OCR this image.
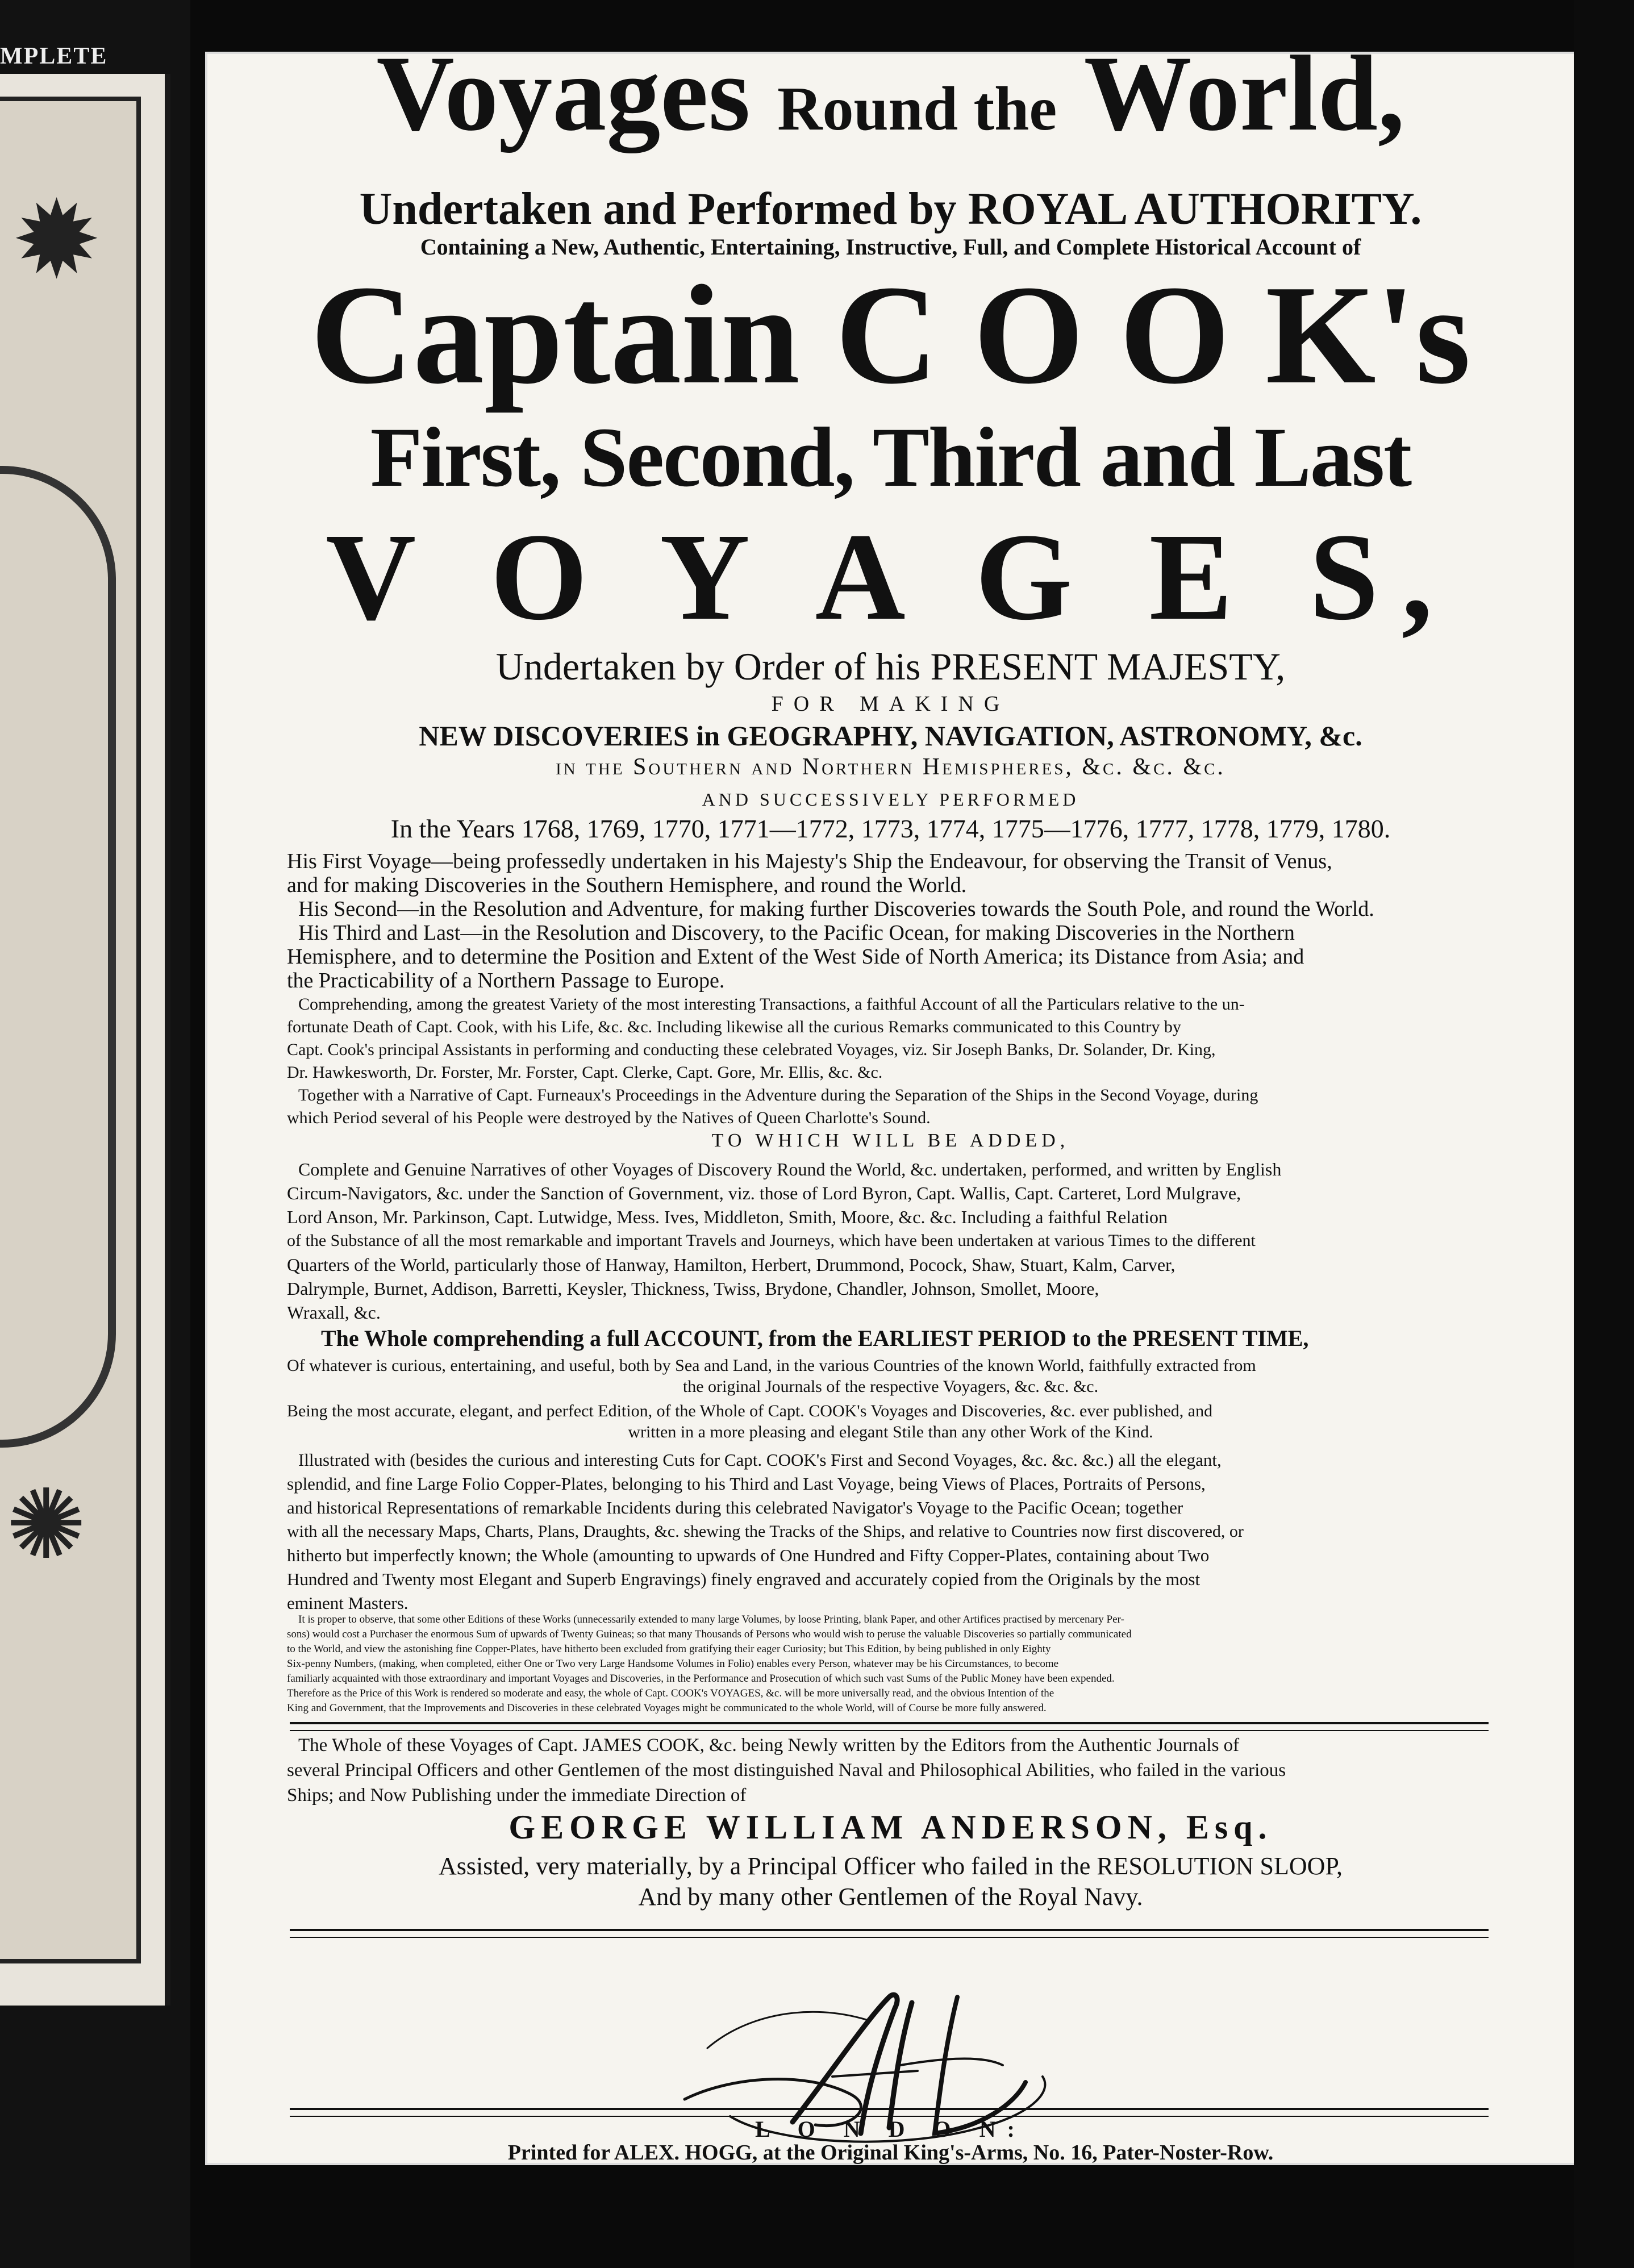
MPLETE
✹
✺
Voyages Round the World,
Undertaken and Performed by ROYAL AUTHORITY.
Containing a New, Authentic, Entertaining, Instructive, Full, and Complete Historical Account of
Captain C O O K's
First, Second, Third and Last
V O Y A G E S,
Undertaken by Order of his PRESENT MAJESTY,
FOR MAKING
NEW DISCOVERIES in GEOGRAPHY, NAVIGATION, ASTRONOMY, &c.
in the Southern and Northern Hemispheres, &c. &c. &c.
AND SUCCESSIVELY PERFORMED
In the Years 1768, 1769, 1770, 1771—1772, 1773, 1774, 1775—1776, 1777, 1778, 1779, 1780.
His First Voyage—being professedly undertaken in his Majesty's Ship the Endeavour, for observing the Transit of Venus,
and for making Discoveries in the Southern Hemisphere, and round the World.
His Second—in the Resolution and Adventure, for making further Discoveries towards the South Pole, and round the World.
His Third and Last—in the Resolution and Discovery, to the Pacific Ocean, for making Discoveries in the Northern
Hemisphere, and to determine the Position and Extent of the West Side of North America; its Distance from Asia; and
the Practicability of a Northern Passage to Europe.
Comprehending, among the greatest Variety of the most interesting Transactions, a faithful Account of all the Particulars relative to the un-
fortunate Death of Capt. Cook, with his Life, &c. &c. Including likewise all the curious Remarks communicated to this Country by
Capt. Cook's principal Assistants in performing and conducting these celebrated Voyages, viz. Sir Joseph Banks, Dr. Solander, Dr. King,
Dr. Hawkesworth, Dr. Forster, Mr. Forster, Capt. Clerke, Capt. Gore, Mr. Ellis, &c. &c.
Together with a Narrative of Capt. Furneaux's Proceedings in the Adventure during the Separation of the Ships in the Second Voyage, during
which Period several of his People were destroyed by the Natives of Queen Charlotte's Sound.
TO WHICH WILL BE ADDED,
Complete and Genuine Narratives of other Voyages of Discovery Round the World, &c. undertaken, performed, and written by English
Circum-Navigators, &c. under the Sanction of Government, viz. those of Lord Byron, Capt. Wallis, Capt. Carteret, Lord Mulgrave,
Lord Anson, Mr. Parkinson, Capt. Lutwidge, Mess. Ives, Middleton, Smith, Moore, &c. &c. Including a faithful Relation
of the Substance of all the most remarkable and important Travels and Journeys, which have been undertaken at various Times to the different
Quarters of the World, particularly those of Hanway, Hamilton, Herbert, Drummond, Pocock, Shaw, Stuart, Kalm, Carver,
Dalrymple, Burnet, Addison, Barretti, Keysler, Thickness, Twiss, Brydone, Chandler, Johnson, Smollet, Moore,
Wraxall, &c.
The Whole comprehending a full ACCOUNT, from the EARLIEST PERIOD to the PRESENT TIME,
Of whatever is curious, entertaining, and useful, both by Sea and Land, in the various Countries of the known World, faithfully extracted from
the original Journals of the respective Voyagers, &c. &c. &c.
Being the most accurate, elegant, and perfect Edition, of the Whole of Capt. COOK's Voyages and Discoveries, &c. ever published, and
written in a more pleasing and elegant Stile than any other Work of the Kind.
Illustrated with (besides the curious and interesting Cuts for Capt. COOK's First and Second Voyages, &c. &c. &c.) all the elegant,
splendid, and fine Large Folio Copper-Plates, belonging to his Third and Last Voyage, being Views of Places, Portraits of Persons,
and historical Representations of remarkable Incidents during this celebrated Navigator's Voyage to the Pacific Ocean; together
with all the necessary Maps, Charts, Plans, Draughts, &c. shewing the Tracks of the Ships, and relative to Countries now first discovered, or
hitherto but imperfectly known; the Whole (amounting to upwards of One Hundred and Fifty Copper-Plates, containing about Two
Hundred and Twenty most Elegant and Superb Engravings) finely engraved and accurately copied from the Originals by the most
eminent Masters.
It is proper to observe, that some other Editions of these Works (unnecessarily extended to many large Volumes, by loose Printing, blank Paper, and other Artifices practised by mercenary Per-
sons) would cost a Purchaser the enormous Sum of upwards of Twenty Guineas; so that many Thousands of Persons who would wish to peruse the valuable Discoveries so partially communicated
to the World, and view the astonishing fine Copper-Plates, have hitherto been excluded from gratifying their eager Curiosity; but This Edition, by being published in only Eighty
Six-penny Numbers, (making, when completed, either One or Two very Large Handsome Volumes in Folio) enables every Person, whatever may be his Circumstances, to become
familiarly acquainted with those extraordinary and important Voyages and Discoveries, in the Performance and Prosecution of which such vast Sums of the Public Money have been expended.
Therefore as the Price of this Work is rendered so moderate and easy, the whole of Capt. COOK's VOYAGES, &c. will be more universally read, and the obvious Intention of the
King and Government, that the Improvements and Discoveries in these celebrated Voyages might be communicated to the whole World, will of Course be more fully answered.
The Whole of these Voyages of Capt. JAMES COOK, &c. being Newly written by the Editors from the Authentic Journals of
several Principal Officers and other Gentlemen of the most distinguished Naval and Philosophical Abilities, who failed in the various
Ships; and Now Publishing under the immediate Direction of
GEORGE WILLIAM ANDERSON, Esq.
Assisted, very materially, by a Principal Officer who failed in the RESOLUTION SLOOP,
And by many other Gentlemen of the Royal Navy.
L O N D O N:
Printed for ALEX. HOGG, at the Original King's-Arms, No. 16, Pater-Noster-Row.
